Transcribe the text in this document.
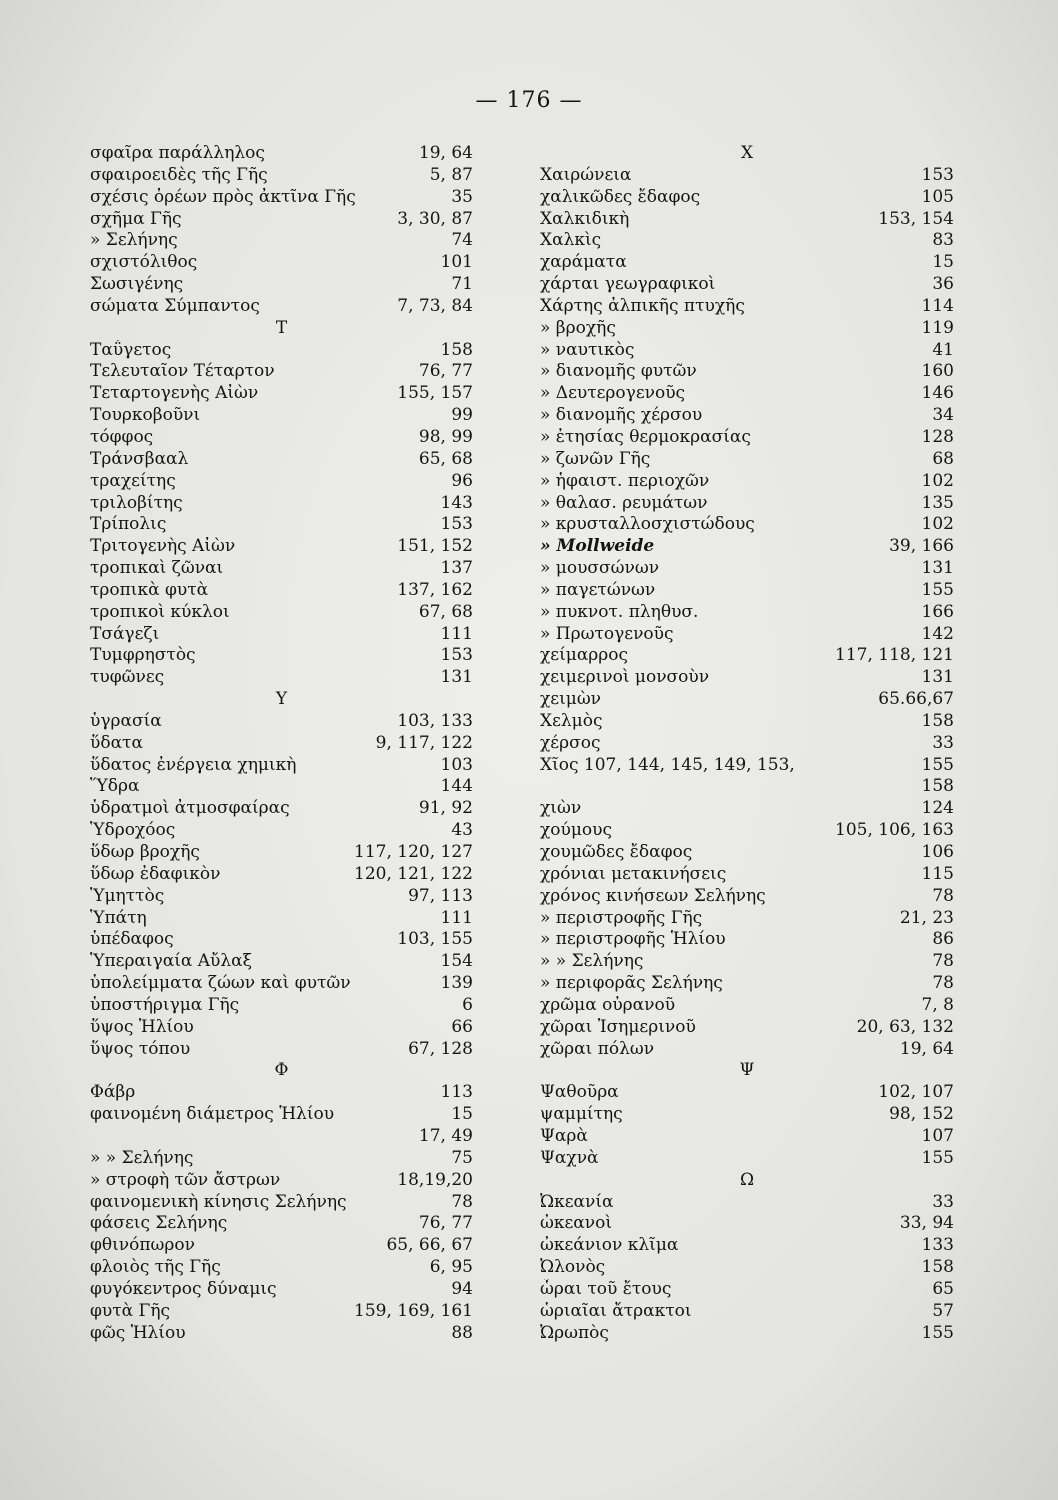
— 176 —
σφαῖρα παράλληλος	19, 64
σφαιροειδὲς τῆς Γῆς	5, 87
σχέσις ὀρέων πρὸς ἀκτῖνα Γῆς	35
σχῆμα Γῆς	3, 30, 87
» Σελήνης	74
σχιστόλιθος	101
Σωσιγένης	71
σώματα Σύμπαντος	7, 73, 84
Τ
Ταΰγετος	158
Τελευταῖον Τέταρτον	76, 77
Τεταρτογενὴς Αἰὼν	155, 157
Τουρκοβοῦνι	99
τόφφος	98, 99
Τράνσβααλ	65, 68
τραχείτης	96
τριλοβίτης	143
Τρίπολις	153
Τριτογενὴς Αἰὼν	151, 152
τροπικαὶ ζῶναι	137
τροπικὰ φυτὰ	137, 162
τροπικοὶ κύκλοι	67, 68
Τσάγεζι	111
Τυμφρηστὸς	153
τυφῶνες	131
Υ
ὑγρασία	103, 133
ὕδατα	9, 117, 122
ὕδατος ἐνέργεια χημικὴ	103
Ὕδρα	144
ὑδρατμοὶ ἀτμοσφαίρας	91, 92
Ὑδροχόος	43
ὕδωρ βροχῆς	117, 120, 127
ὕδωρ ἐδαφικὸν	120, 121, 122
Ὑμηττὸς	97, 113
Ὑπάτη	111
ὑπέδαφος	103, 155
Ὑπεραιγαία Αὔλαξ	154
ὑπολείμματα ζώων καὶ φυτῶν	139
ὑποστήριγμα Γῆς	6
ὕψος Ἡλίου	66
ὕψος τόπου	67, 128
Φ
Φάβρ	113
φαινομένη διάμετρος Ἡλίου	15
17, 49
» » Σελήνης	75
» στροφὴ τῶν ἄστρων	18,19,20
φαινομενικὴ κίνησις Σελήνης	78
φάσεις Σελήνης	76, 77
φθινόπωρον	65, 66, 67
φλοιὸς τῆς Γῆς	6, 95
φυγόκεντρος δύναμις	94
φυτὰ Γῆς	159, 169, 161
φῶς Ἡλίου	88
Χ
Χαιρώνεια	153
χαλικῶδες ἔδαφος	105
Χαλκιδικὴ	153, 154
Χαλκὶς	83
χαράματα	15
χάρται γεωγραφικοὶ	36
Χάρτης ἀλπικῆς πτυχῆς	114
» βροχῆς	119
» ναυτικὸς	41
» διανομῆς φυτῶν	160
» Δευτερογενοῦς	146
» διανομῆς χέρσου	34
» ἐτησίας θερμοκρασίας	128
» ζωνῶν Γῆς	68
» ἡφαιστ. περιοχῶν	102
» θαλασ. ρευμάτων	135
» κρυσταλλοσχιστώδους	102
» Mollweide	39, 166
» μουσσώνων	131
» παγετώνων	155
» πυκνοτ. πληθυσ.	166
» Πρωτογενοῦς	142
χείμαρρος	117, 118, 121
χειμερινοὶ μονσοὺν	131
χειμὼν	65.66,67
Χελμὸς	158
χέρσος	33
Χῖος 107, 144, 145, 149, 153,	155
158
χιὼν	124
χούμους	105, 106, 163
χουμῶδες ἔδαφος	106
χρόνιαι μετακινήσεις	115
χρόνος κινήσεων Σελήνης	78
» περιστροφῆς Γῆς	21, 23
» περιστροφῆς Ἡλίου	86
» » Σελήνης	78
» περιφορᾶς Σελήνης	78
χρῶμα οὐρανοῦ	7, 8
χῶραι Ἰσημερινοῦ	20, 63, 132
χῶραι πόλων	19, 64
Ψ
Ψαθοῦρα	102, 107
ψαμμίτης	98, 152
Ψαρὰ	107
Ψαχνὰ	155
Ω
Ὠκεανία	33
ὠκεανοὶ	33, 94
ὠκεάνιον κλῖμα	133
Ὠλονὸς	158
ὧραι τοῦ ἔτους	65
ὡριαῖαι ἄτρακτοι	57
Ὠρωπὸς	155
